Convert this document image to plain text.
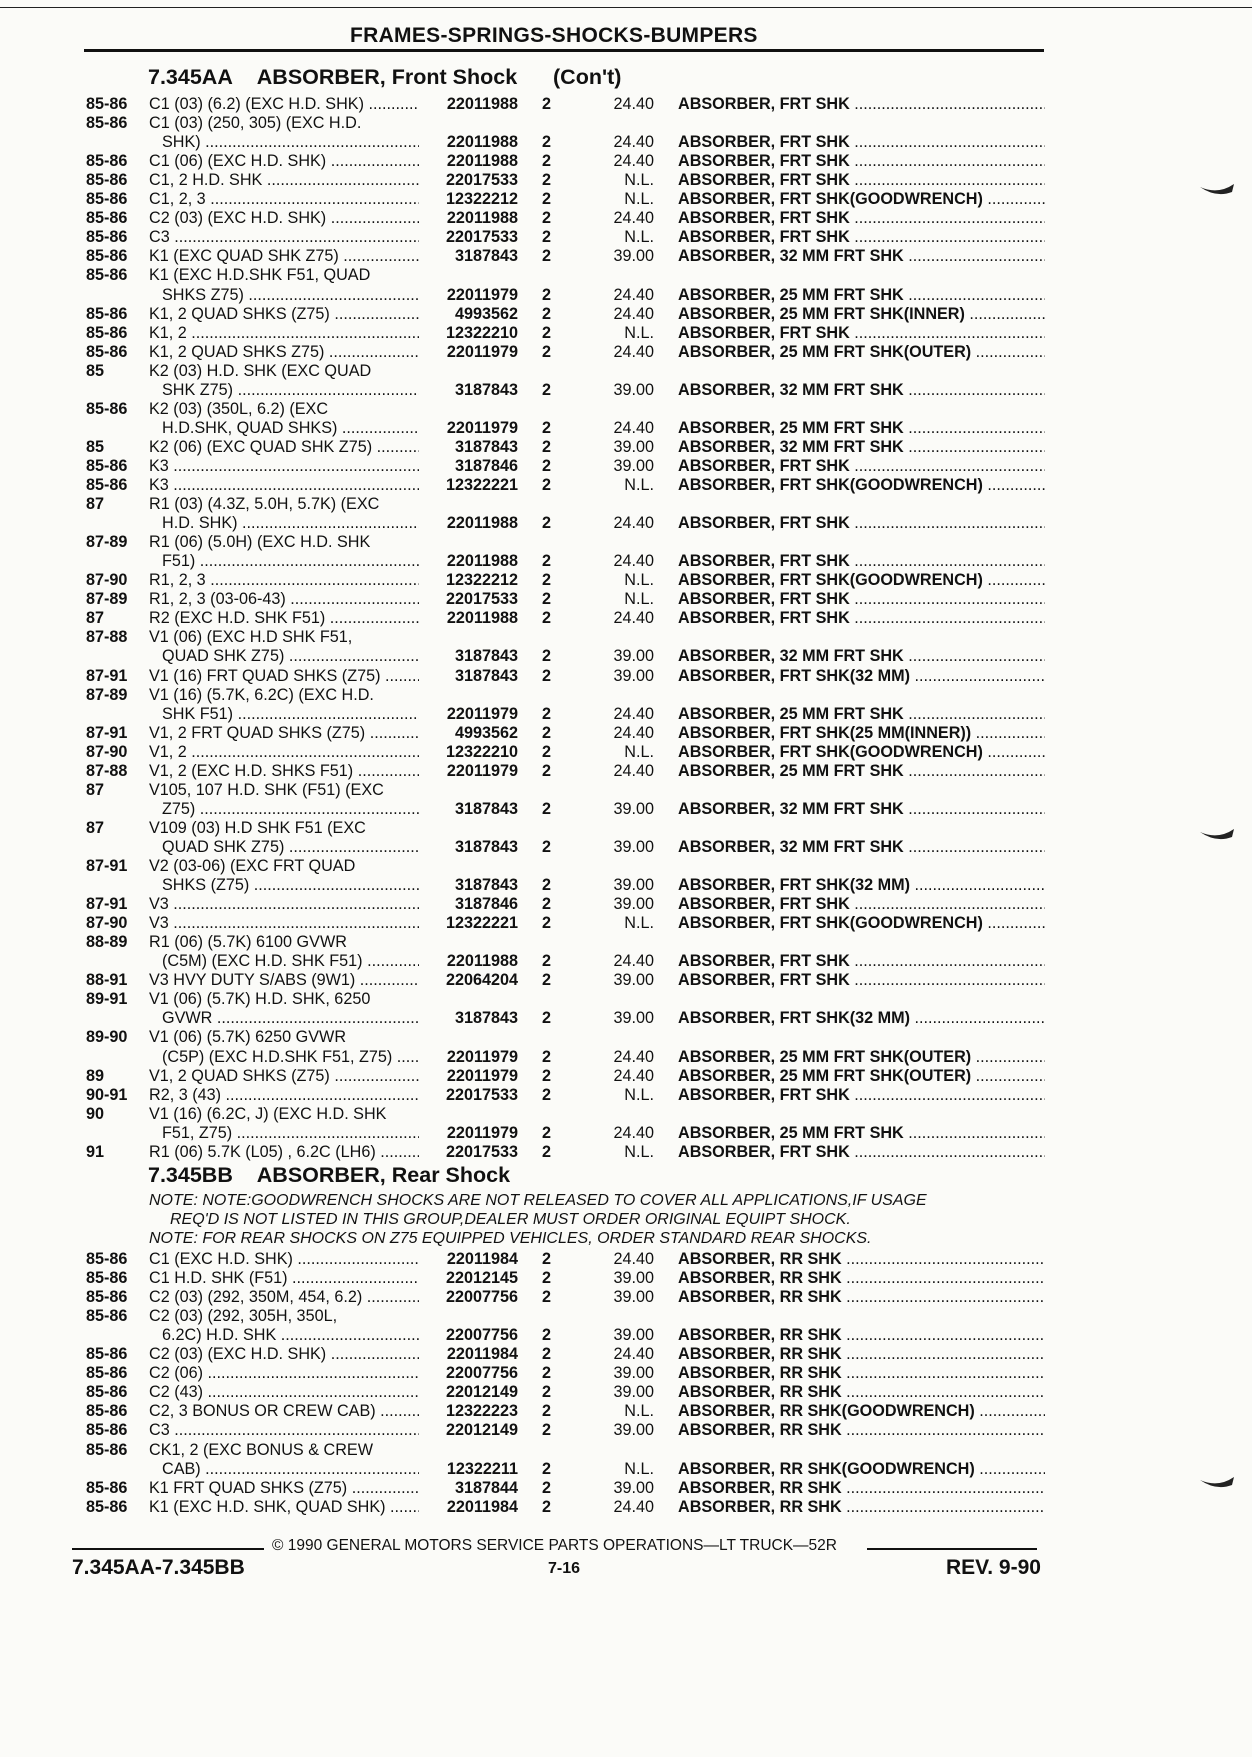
FRAMES-SPRINGS-SHOCKS-BUMPERS
7.345AA ABSORBER, Front Shock (Con't)
85-86 C1 (03) (6.2) (EXC H.D. SHK) .....	22011988 2	24.40 ABSORBER, FRT SHK .....
85-86 C1 (03) (250, 305) (EXC H.D.
SHK) .....	22011988 2	24.40 ABSORBER, FRT SHK .....
85-86 C1 (06) (EXC H.D. SHK) .....	22011988 2	24.40 ABSORBER, FRT SHK .....
85-86 C1, 2 H.D. SHK .....	22017533 2	N.L. ABSORBER, FRT SHK .....
85-86 C1, 2, 3 .....	12322212 2	N.L. ABSORBER, FRT SHK(GOODWRENCH) .....
85-86 C2 (03) (EXC H.D. SHK) .....	22011988 2	24.40 ABSORBER, FRT SHK .....
85-86 C3 .....	22017533 2	N.L. ABSORBER, FRT SHK .....
85-86 K1 (EXC QUAD SHK Z75) .....	3187843 2	39.00 ABSORBER, 32 MM FRT SHK .....
85-86 K1 (EXC H.D.SHK F51, QUAD
SHKS Z75) .....	22011979 2	24.40 ABSORBER, 25 MM FRT SHK .....
85-86 K1, 2 QUAD SHKS (Z75) .....	4993562 2	24.40 ABSORBER, 25 MM FRT SHK(INNER) .....
85-86 K1, 2 .....	12322210 2	N.L. ABSORBER, FRT SHK .....
85-86 K1, 2 QUAD SHKS Z75) .....	22011979 2	24.40 ABSORBER, 25 MM FRT SHK(OUTER) .....
85	K2 (03) H.D. SHK (EXC QUAD
SHK Z75) .....	3187843 2	39.00 ABSORBER, 32 MM FRT SHK .....
85-86 K2 (03) (350L, 6.2) (EXC
H.D.SHK, QUAD SHKS) .....	22011979 2	24.40 ABSORBER, 25 MM FRT SHK .....
85	K2 (06) (EXC QUAD SHK Z75) .....	3187843 2	39.00 ABSORBER, 32 MM FRT SHK .....
85-86 K3 .....	3187846 2	39.00 ABSORBER, FRT SHK .....
85-86 K3 .....	12322221 2	N.L. ABSORBER, FRT SHK(GOODWRENCH) .....
87	R1 (03) (4.3Z, 5.0H, 5.7K) (EXC
H.D. SHK) .....	22011988 2	24.40 ABSORBER, FRT SHK .....
87-89 R1 (06) (5.0H) (EXC H.D. SHK
F51) .....	22011988 2	24.40 ABSORBER, FRT SHK .....
87-90 R1, 2, 3 .....	12322212 2	N.L. ABSORBER, FRT SHK(GOODWRENCH) .....
87-89 R1, 2, 3 (03-06-43) .....	22017533 2	N.L. ABSORBER, FRT SHK .....
87	R2 (EXC H.D. SHK F51) .....	22011988 2	24.40 ABSORBER, FRT SHK .....
87-88 V1 (06) (EXC H.D SHK F51,
QUAD SHK Z75) .....	3187843 2	39.00 ABSORBER, 32 MM FRT SHK .....
87-91 V1 (16) FRT QUAD SHKS (Z75) .....	3187843 2	39.00 ABSORBER, FRT SHK(32 MM) .....
87-89 V1 (16) (5.7K, 6.2C) (EXC H.D.
SHK F51) .....	22011979 2	24.40 ABSORBER, 25 MM FRT SHK .....
87-91 V1, 2 FRT QUAD SHKS (Z75) .....	4993562 2	24.40 ABSORBER, FRT SHK(25 MM(INNER)) .....
87-90 V1, 2 .....	12322210 2	N.L. ABSORBER, FRT SHK(GOODWRENCH) .....
87-88 V1, 2 (EXC H.D. SHKS F51) .....	22011979 2	24.40 ABSORBER, 25 MM FRT SHK .....
87	V105, 107 H.D. SHK (F51) (EXC
Z75) .....	3187843 2	39.00 ABSORBER, 32 MM FRT SHK .....
87	V109 (03) H.D SHK F51 (EXC
QUAD SHK Z75) .....	3187843 2	39.00 ABSORBER, 32 MM FRT SHK .....
87-91 V2 (03-06) (EXC FRT QUAD
SHKS (Z75) .....	3187843 2	39.00 ABSORBER, FRT SHK(32 MM) .....
87-91 V3 .....	3187846 2	39.00 ABSORBER, FRT SHK .....
87-90 V3 .....	12322221 2	N.L. ABSORBER, FRT SHK(GOODWRENCH) .....
88-89 R1 (06) (5.7K) 6100 GVWR
(C5M) (EXC H.D. SHK F51) .....	22011988 2	24.40 ABSORBER, FRT SHK .....
88-91 V3 HVY DUTY S/ABS (9W1) .....	22064204 2	39.00 ABSORBER, FRT SHK .....
89-91 V1 (06) (5.7K) H.D. SHK, 6250
GVWR .....	3187843 2	39.00 ABSORBER, FRT SHK(32 MM) .....
89-90 V1 (06) (5.7K) 6250 GVWR
(C5P) (EXC H.D.SHK F51, Z75) .....	22011979 2	24.40 ABSORBER, 25 MM FRT SHK(OUTER) .....
89	V1, 2 QUAD SHKS (Z75) .....	22011979 2	24.40 ABSORBER, 25 MM FRT SHK(OUTER) .....
90-91 R2, 3 (43) .....	22017533 2	N.L. ABSORBER, FRT SHK .....
90	V1 (16) (6.2C, J) (EXC H.D. SHK
F51, Z75) .....	22011979 2	24.40 ABSORBER, 25 MM FRT SHK .....
91	R1 (06) 5.7K (L05) , 6.2C (LH6) .....	22017533 2	N.L. ABSORBER, FRT SHK .....
7.345BB ABSORBER, Rear Shock
NOTE: NOTE:GOODWRENCH SHOCKS ARE NOT RELEASED TO COVER ALL APPLICATIONS,IF USAGE
REQ'D IS NOT LISTED IN THIS GROUP,DEALER MUST ORDER ORIGINAL EQUIPT SHOCK.
NOTE: FOR REAR SHOCKS ON Z75 EQUIPPED VEHICLES, ORDER STANDARD REAR SHOCKS.
85-86 C1 (EXC H.D. SHK) .....	22011984 2	24.40 ABSORBER, RR SHK .....
85-86 C1 H.D. SHK (F51) .....	22012145 2	39.00 ABSORBER, RR SHK .....
85-86 C2 (03) (292, 350M, 454, 6.2) .....	22007756 2	39.00 ABSORBER, RR SHK .....
85-86 C2 (03) (292, 305H, 350L,
6.2C) H.D. SHK .....	22007756 2	39.00 ABSORBER, RR SHK .....
85-86 C2 (03) (EXC H.D. SHK) .....	22011984 2	24.40 ABSORBER, RR SHK .....
85-86 C2 (06) .....	22007756 2	39.00 ABSORBER, RR SHK .....
85-86 C2 (43) .....	22012149 2	39.00 ABSORBER, RR SHK .....
85-86 C2, 3 BONUS OR CREW CAB) .....	12322223 2	N.L. ABSORBER, RR SHK(GOODWRENCH) .....
85-86 C3 .....	22012149 2	39.00 ABSORBER, RR SHK .....
85-86 CK1, 2 (EXC BONUS & CREW
CAB) .....	12322211 2	N.L. ABSORBER, RR SHK(GOODWRENCH) .....
85-86 K1 FRT QUAD SHKS (Z75) .....	3187844 2	39.00 ABSORBER, RR SHK .....
85-86 K1 (EXC H.D. SHK, QUAD SHK) .....	22011984 2	24.40 ABSORBER, RR SHK .....
© 1990 GENERAL MOTORS SERVICE PARTS OPERATIONS—LT TRUCK—52R
7.345AA-7.345BB	7-16	REV. 9-90
